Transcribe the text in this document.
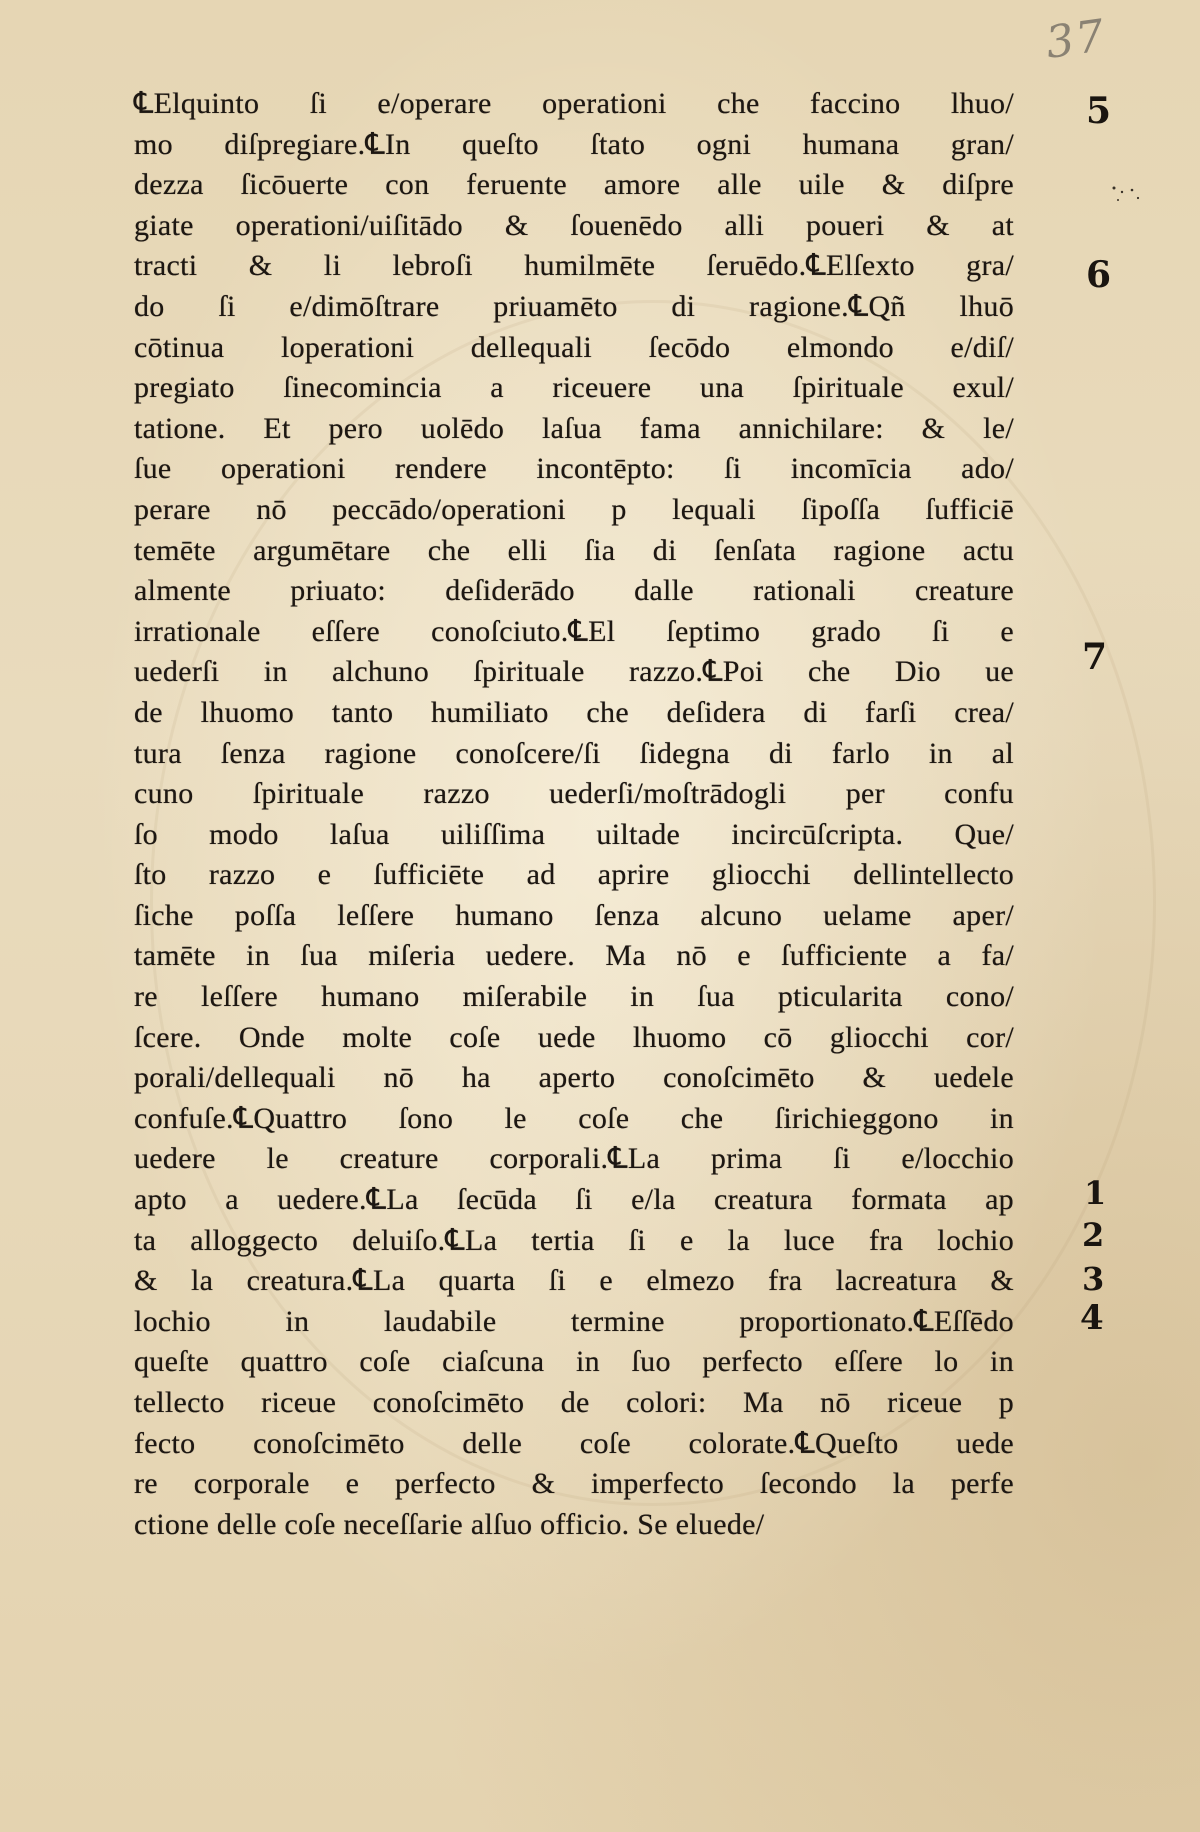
37
℄Elquinto ſi e/operare operationi che faccino lhuo/
mo diſpregiare.℄In queſto ſtato ogni humana gran/
dezza ſicōuerte con feruente amore alle uile & diſpre
giate operationi/uiſitādo & ſouenēdo alli poueri & at
tracti & li lebroſi humilmēte ſeruēdo.℄Elſexto gra/
do ſi e/dimōſtrare priuamēto di ragione.℄Qñ lhuō
cōtinua loperationi dellequali ſecōdo elmondo e/diſ/
pregiato ſinecomincia a riceuere una ſpirituale exul/
tatione. Et pero uolēdo laſua fama annichilare: & le/
ſue operationi rendere incontēpto: ſi incomīcia ado/
perare nō peccādo/operationi p lequali ſipoſſa ſufficiē
temēte argumētare che elli ſia di ſenſata ragione actu
almente priuato: deſiderādo dalle rationali creature
irrationale eſſere conoſciuto.℄El ſeptimo grado ſi e
uederſi in alchuno ſpirituale razzo.℄Poi che Dio ue
de lhuomo tanto humiliato che deſidera di farſi crea/
tura ſenza ragione conoſcere/ſi ſidegna di farlo in al
cuno ſpirituale razzo uederſi/moſtrādogli per confu
ſo modo laſua uiliſſima uiltade incircūſcripta. Que/
ſto razzo e ſufficiēte ad aprire gliocchi dellintellecto
ſiche poſſa leſſere humano ſenza alcuno uelame aper/
tamēte in ſua miſeria uedere. Ma nō e ſufficiente a fa/
re leſſere humano miſerabile in ſua pticularita cono/
ſcere. Onde molte coſe uede lhuomo cō gliocchi cor/
porali/dellequali nō ha aperto conoſcimēto & uedele
confuſe.℄Quattro ſono le coſe che ſirichieggono in
uedere le creature corporali.℄La prima ſi e/locchio
apto a uedere.℄La ſecūda ſi e/la creatura formata ap
ta alloggecto deluiſo.℄La tertia ſi e la luce fra lochio
& la creatura.℄La quarta ſi e elmezo fra lacreatura &
lochio in laudabile termine proportionato.℄Eſſēdo
queſte quattro coſe ciaſcuna in ſuo perfecto eſſere lo in
tellecto riceue conoſcimēto de colori: Ma nō riceue p
fecto conoſcimēto delle coſe colorate.℄Queſto uede
re corporale e perfecto & imperfecto ſecondo la perfe
ctione delle coſe neceſſarie alſuo officio. Se eluede/
5
6
7
1
2
3
4
